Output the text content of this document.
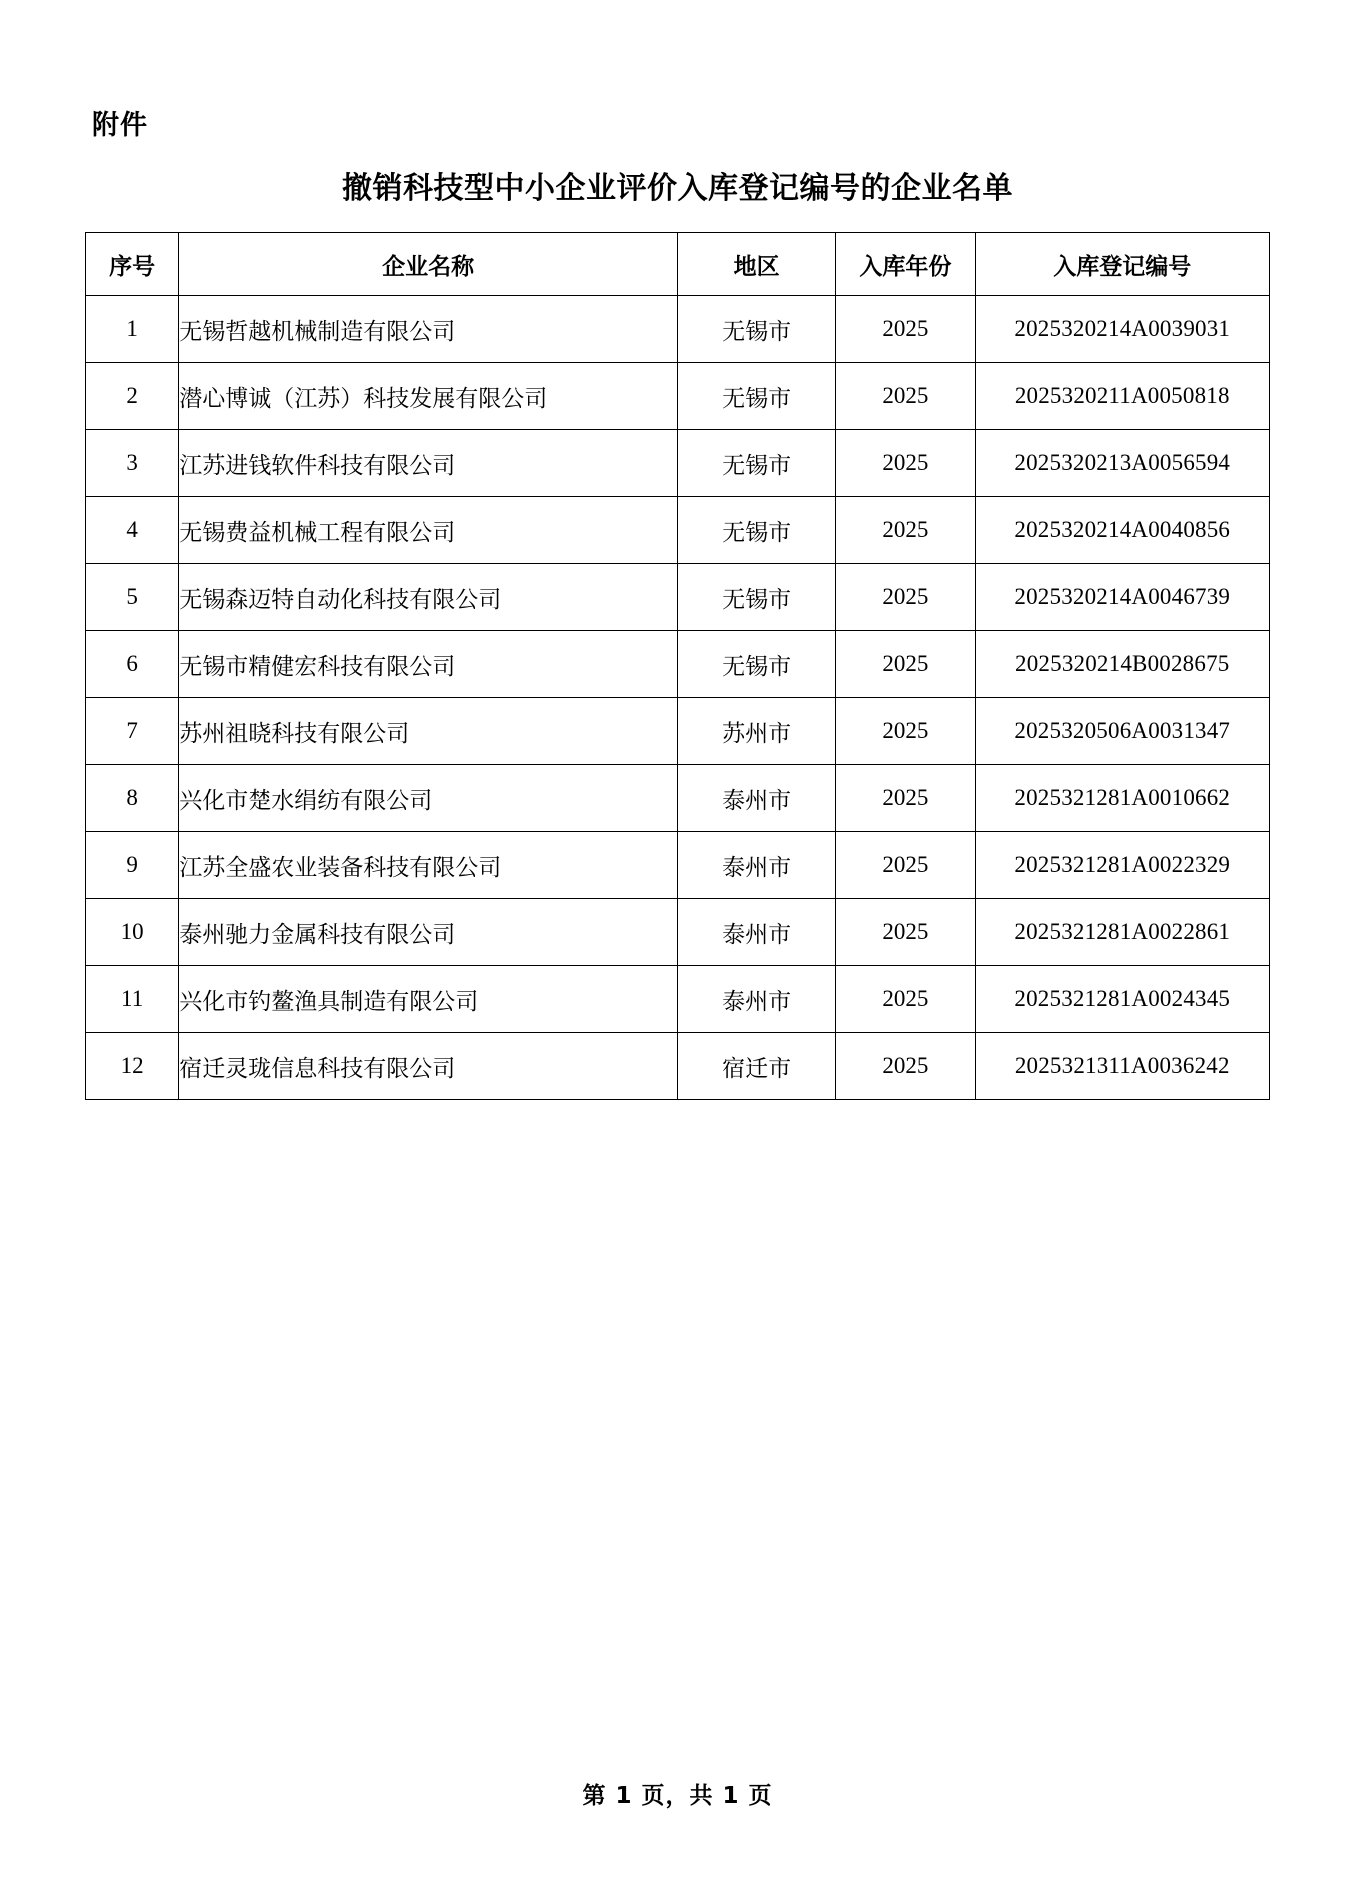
附件
撤销科技型中小企业评价入库登记编号的企业名单
序号	企业名称	地区	入库年份	入库登记编号
1	无锡哲越机械制造有限公司	无锡市	2025	2025320214A0039031
2	潜心博诚（江苏）科技发展有限公司	无锡市	2025	2025320211A0050818
3	江苏进钱软件科技有限公司	无锡市	2025	2025320213A0056594
4	无锡费益机械工程有限公司	无锡市	2025	2025320214A0040856
5	无锡森迈特自动化科技有限公司	无锡市	2025	2025320214A0046739
6	无锡市精健宏科技有限公司	无锡市	2025	2025320214B0028675
7	苏州祖晓科技有限公司	苏州市	2025	2025320506A0031347
8	兴化市楚水绢纺有限公司	泰州市	2025	2025321281A0010662
9	江苏全盛农业装备科技有限公司	泰州市	2025	2025321281A0022329
10	泰州驰力金属科技有限公司	泰州市	2025	2025321281A0022861
11	兴化市钓鳌渔具制造有限公司	泰州市	2025	2025321281A0024345
12	宿迁灵珑信息科技有限公司	宿迁市	2025	2025321311A0036242
第 1 页，共 1 页
